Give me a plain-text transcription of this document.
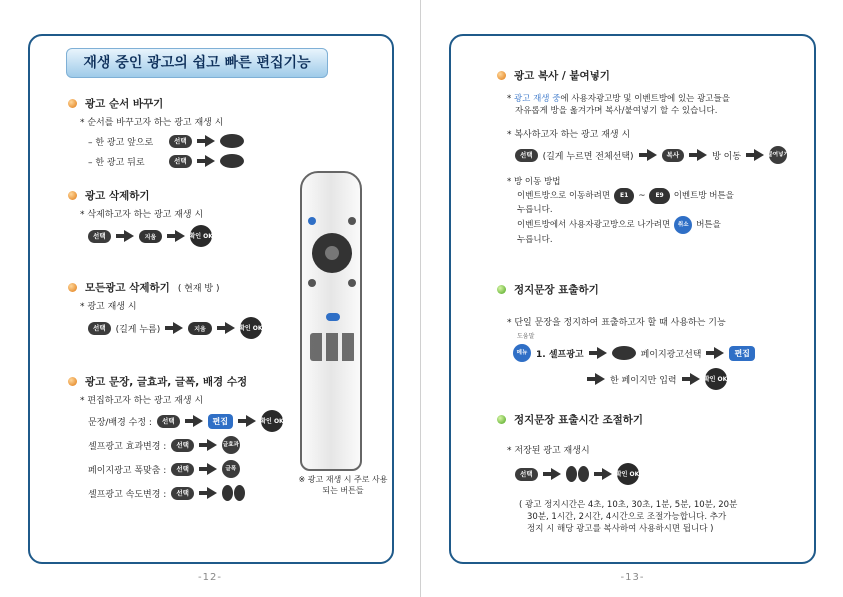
재생 중인 광고의 쉽고 빠른 편집기능
광고 순서 바꾸기
* 순서를 바꾸고자 하는 광고 재생 시
– 한 광고 앞으로	선택
– 한 광고 뒤로	선택
광고 삭제하기
* 삭제하고자 하는 광고 재생 시
선택	지움	확인 OK
모든광고 삭제하기 ( 현재 방 )
* 광고 재생 시
선택	(길게 누름)	지움	확인 OK
광고 문장, 글효과, 글폭, 배경 수정
* 편집하고자 하는 광고 재생 시
문장/배경 수정 :	선택	편집	확인 OK
셀프광고 효과변경 :	선택	글효과
페이지광고 폭맞춤 :	선택	글폭
셀프광고 속도변경 :	선택
※ 광고 재생 시 주로 사용되는 버튼들
-12-
광고 복사 / 붙여넣기
* 광고 재생 중에 사용자광고방 및 이벤트방에 있는 광고들을
자유롭게 방을 옮겨가며 복사/붙여넣기 할 수 있습니다.
* 복사하고자 하는 광고 재생 시
선택	(길게 누르면 전체선택)	복사	방 이동	붙여넣기
* 방 이동 방법
이벤트방으로 이동하려면	E1	~	E9	이벤트방 버튼을
누릅니다.
이벤트방에서 사용자광고방으로 나가려면	취소 버튼을
누릅니다.
정지문장 표출하기
* 단일 문장을 정지하여 표출하고자 할 때 사용하는 기능
도움말
메뉴 1. 셀프광고	페이지광고선택	편집
한 페이지만 입력	확인 OK
정지문장 표출시간 조절하기
* 저장된 광고 재생시
선택	확인 OK
( 광고 정지시간은 4초, 10초, 30초, 1분, 5분, 10분, 20분
30분, 1시간, 2시간, 4시간으로 조절가능합니다. 추가
정지 시 해당 광고를 복사하여 사용하시면 됩니다 )
-13-
